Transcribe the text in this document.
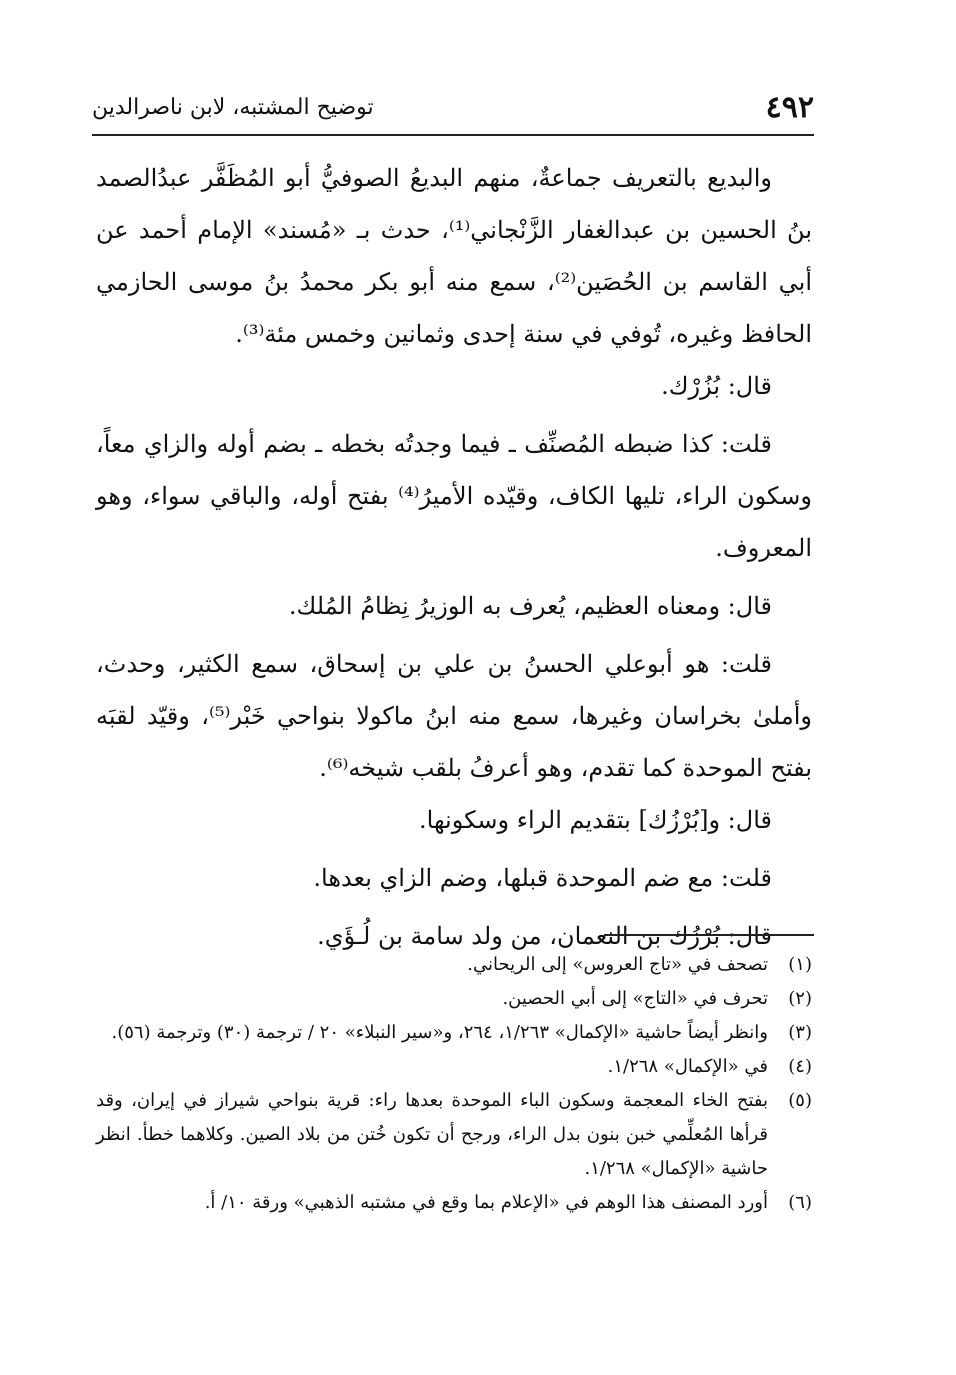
٤٩٢
توضيح المشتبه، لابن ناصرالدين

والبديع بالتعريف جماعةٌ، منهم البديعُ الصوفيُّ أبو المُظَفَّر عبدُالصمد بنُ الحسين بن عبدالغفار الزَّنْجاني⁽¹⁾، حدث بـ «مُسند» الإمام أحمد عن أبي القاسم بن الحُصَين⁽²⁾، سمع منه أبو بكر محمدُ بنُ موسى الحازمي الحافظ وغيره، تُوفي في سنة إحدى وثمانين وخمس مئة⁽³⁾.

قال: بُزُرْك.

قلت: كذا ضبطه المُصنِّف ـ فيما وجدتُه بخطه ـ بضم أوله والزاي معاً، وسكون الراء، تليها الكاف، وقيّده الأميرُ⁽⁴⁾ بفتح أوله، والباقي سواء، وهو المعروف.

قال: ومعناه العظيم، يُعرف به الوزيرُ نِظامُ المُلك.

قلت: هو أبوعلي الحسنُ بن علي بن إسحاق، سمع الكثير، وحدث، وأملىٰ بخراسان وغيرها، سمع منه ابنُ ماكولا بنواحي خَبْر⁽⁵⁾، وقيّد لقبَه بفتح الموحدة كما تقدم، وهو أعرفُ بلقب شيخه⁽⁶⁾.

قال: و[بُرْزُك] بتقديم الراء وسكونها.

قلت: مع ضم الموحدة قبلها، وضم الزاي بعدها.

قال: بُرْزُك بن النعمان، من ولد سامة بن لُـؤَي.

(١)
تصحف في «تاج العروس» إلى الريحاني.
(٢)
تحرف في «التاج» إلى أبي الحصين.
(٣)
وانظر أيضاً حاشية «الإكمال» ١/٢٦٣، ٢٦٤، و«سير النبلاء» ٢٠ / ترجمة (٣٠) وترجمة (٥٦).
(٤)
في «الإكمال» ١/٢٦٨.
(٥)
بفتح الخاء المعجمة وسكون الباء الموحدة بعدها راء: قرية بنواحي شيراز في إيران، وقد قرأها المُعلِّمي خبن بنون بدل الراء، ورجح أن تكون خُتن من بلاد الصين. وكلاهما خطأ. انظر حاشية «الإكمال» ١/٢٦٨.
(٦)
أورد المصنف هذا الوهم في «الإعلام بما وقع في مشتبه الذهبي» ورقة ١٠/ أ.
